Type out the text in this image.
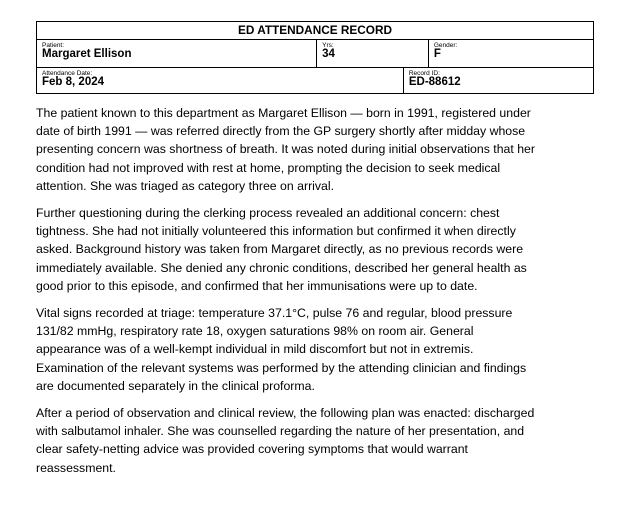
ED ATTENDANCE RECORD
Patient:
Margaret Ellison
Yrs:
34
Gender:
F
Attendance Date:
Feb 8, 2024
Record ID:
ED-88612

The patient known to this department as Margaret Ellison — born in 1991, registered under date of birth 1991 — was referred directly from the GP surgery shortly after midday whose presenting concern was shortness of breath. It was noted during initial observations that her condition had not improved with rest at home, prompting the decision to seek medical attention. She was triaged as category three on arrival.

Further questioning during the clerking process revealed an additional concern: chest tightness. She had not initially volunteered this information but confirmed it when directly asked. Background history was taken from Margaret directly, as no previous records were immediately available. She denied any chronic conditions, described her general health as good prior to this episode, and confirmed that her immunisations were up to date.

Vital signs recorded at triage: temperature 37.1°C, pulse 76 and regular, blood pressure 131/82 mmHg, respiratory rate 18, oxygen saturations 98% on room air. General appearance was of a well-kempt individual in mild discomfort but not in extremis. Examination of the relevant systems was performed by the attending clinician and findings are documented separately in the clinical proforma.

After a period of observation and clinical review, the following plan was enacted: discharged with salbutamol inhaler. She was counselled regarding the nature of her presentation, and clear safety-netting advice was provided covering symptoms that would warrant reassessment.
